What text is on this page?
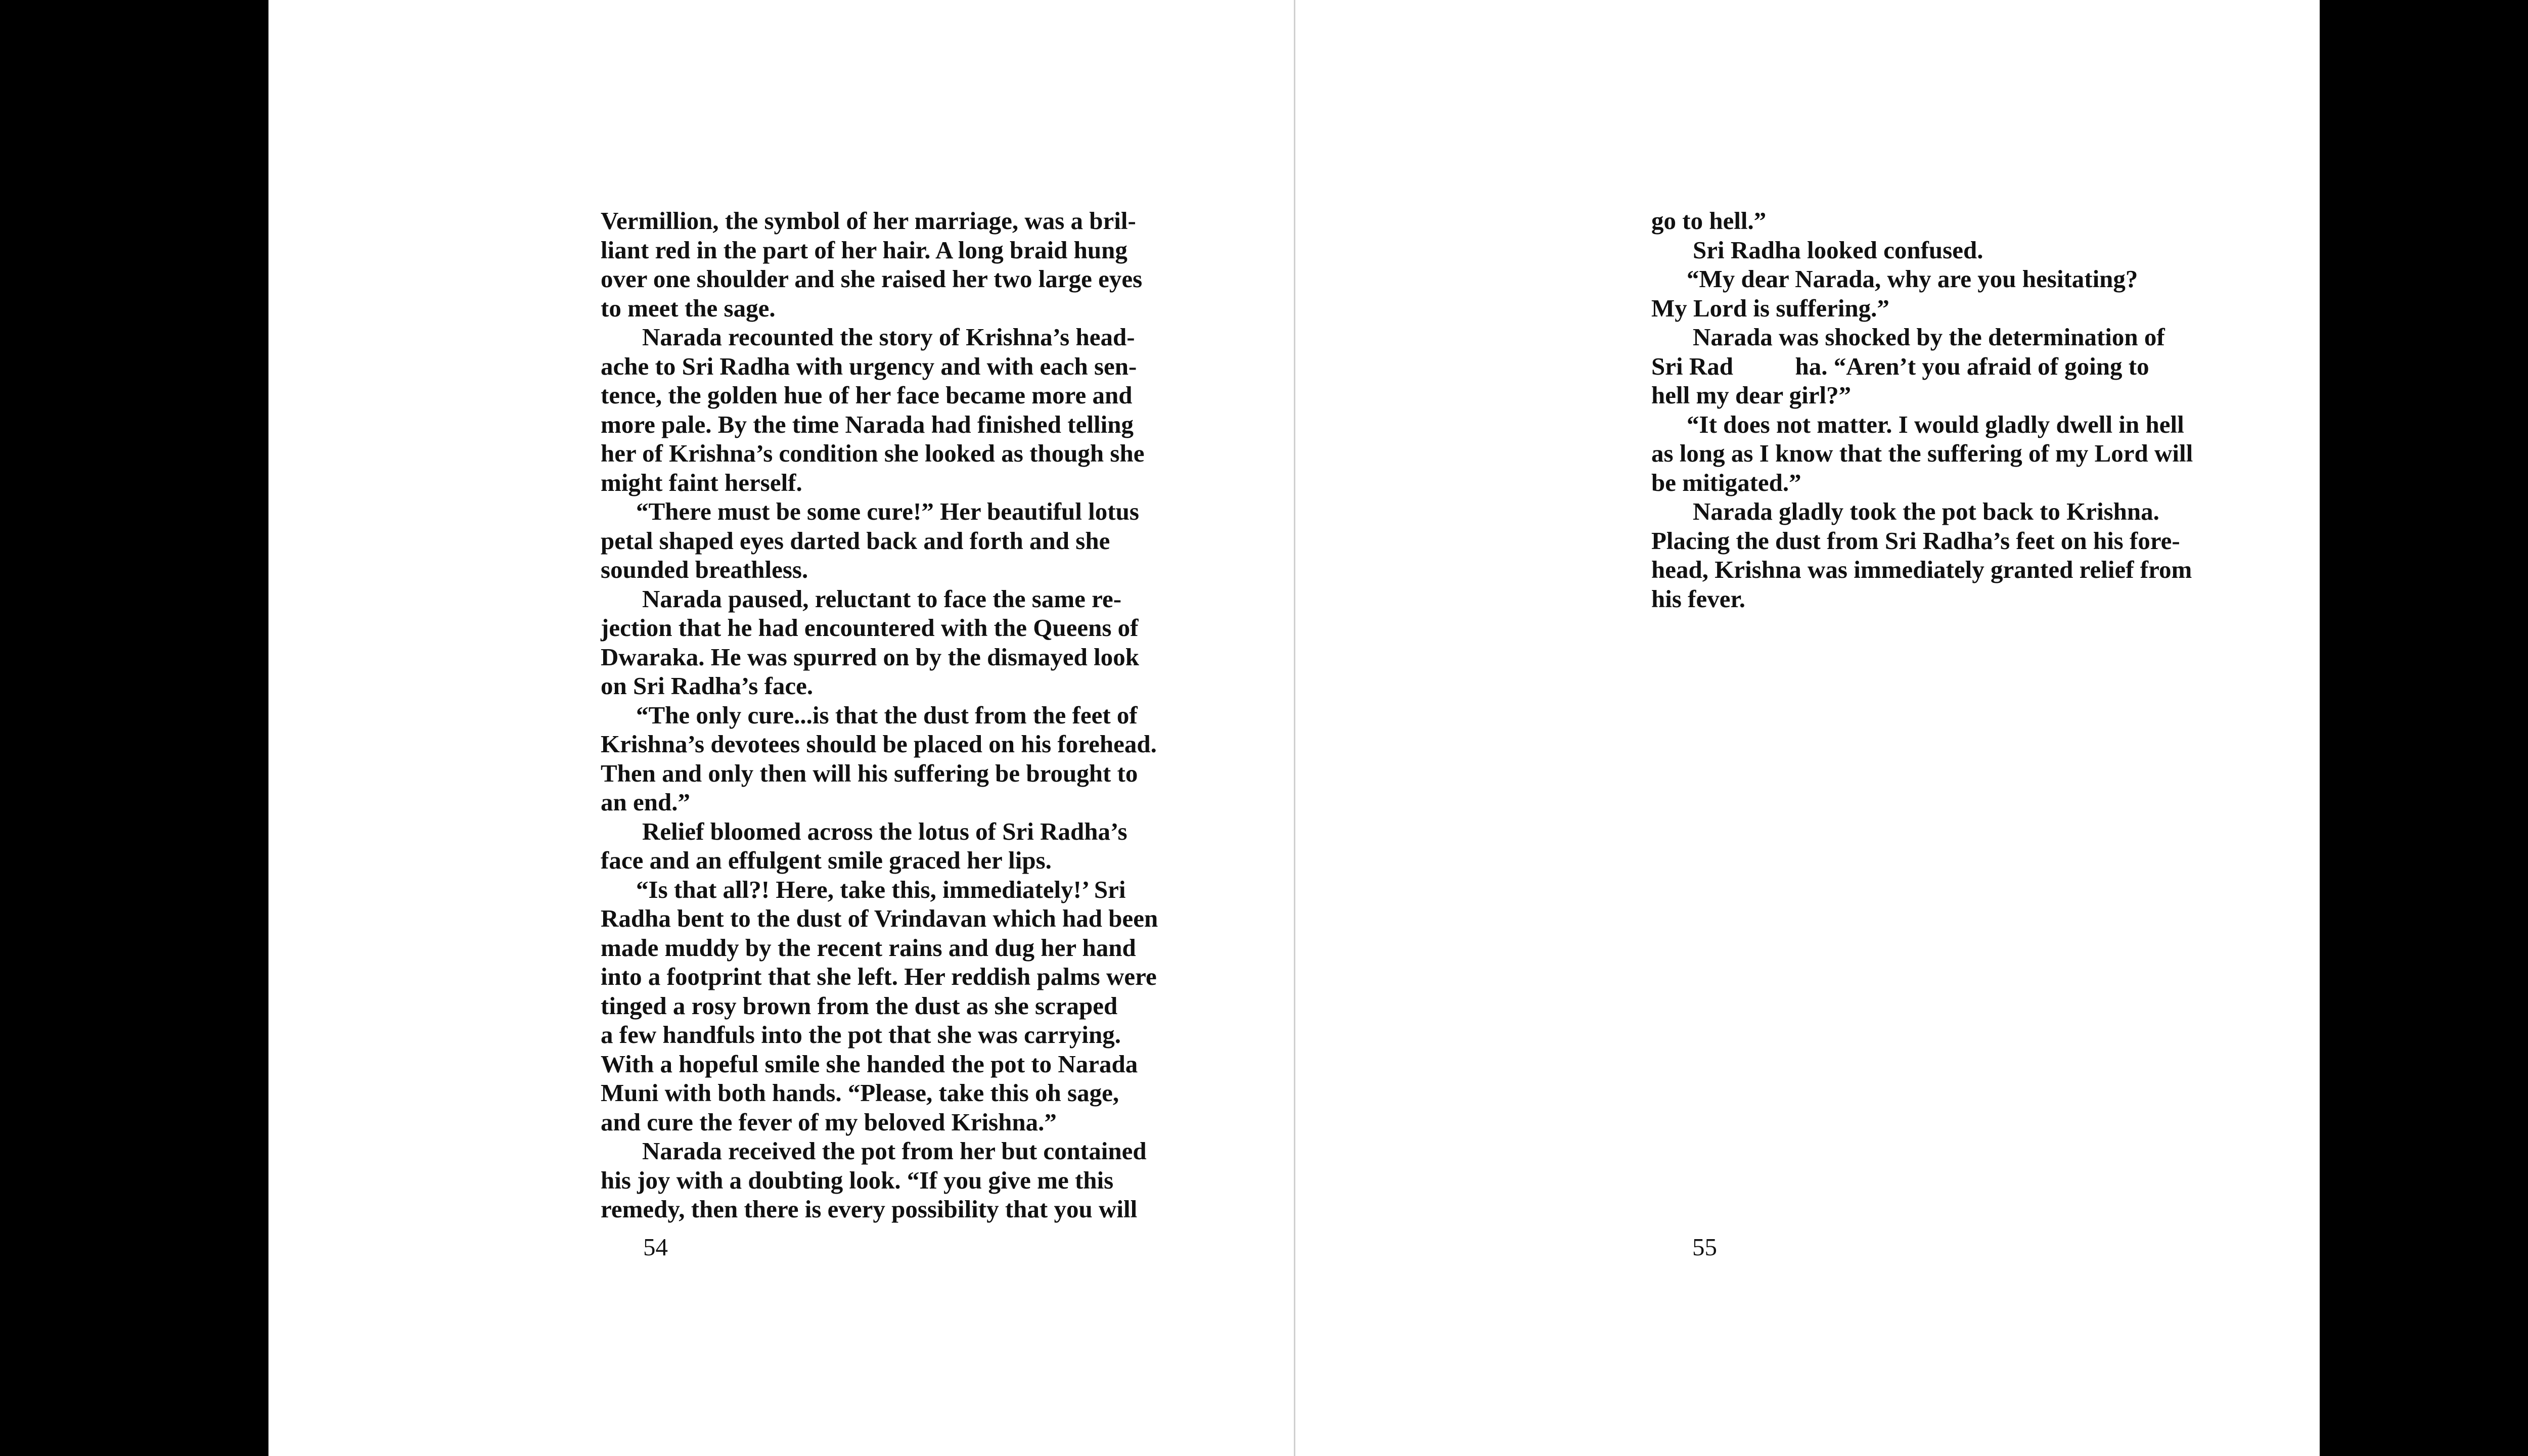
Vermillion, the symbol of her marriage, was a bril-
liant red in the part of her hair. A long braid hung
over one shoulder and she raised her two large eyes
to meet the sage.
Narada recounted the story of Krishna’s head-
ache to Sri Radha with urgency and with each sen-
tence, the golden hue of her face became more and
more pale. By the time Narada had finished telling
her of Krishna’s condition she looked as though she
might faint herself.
“There must be some cure!” Her beautiful lotus
petal shaped eyes darted back and forth and she
sounded breathless.
Narada paused, reluctant to face the same re-
jection that he had encountered with the Queens of
Dwaraka. He was spurred on by the dismayed look
on Sri Radha’s face.
“The only cure...is that the dust from the feet of
Krishna’s devotees should be placed on his forehead.
Then and only then will his suffering be brought to
an end.”
Relief bloomed across the lotus of Sri Radha’s
face and an effulgent smile graced her lips.
“Is that all?! Here, take this, immediately!’ Sri
Radha bent to the dust of Vrindavan which had been
made muddy by the recent rains and dug her hand
into a footprint that she left. Her reddish palms were
tinged a rosy brown from the dust as she scraped
a few handfuls into the pot that she was carrying.
With a hopeful smile she handed the pot to Narada
Muni with both hands. “Please, take this oh sage,
and cure the fever of my beloved Krishna.”
Narada received the pot from her but contained
his joy with a doubting look. “If you give me this
remedy, then there is every possibility that you will
54
go to hell.”
Sri Radha looked confused.
“My dear Narada, why are you hesitating?
My Lord is suffering.”
Narada was shocked by the determination of
Sri Rad          ha. “Aren’t you afraid of going to
hell my dear girl?”
“It does not matter. I would gladly dwell in hell
as long as I know that the suffering of my Lord will
be mitigated.”
Narada gladly took the pot back to Krishna.
Placing the dust from Sri Radha’s feet on his fore-
head, Krishna was immediately granted relief from
his fever.
55
